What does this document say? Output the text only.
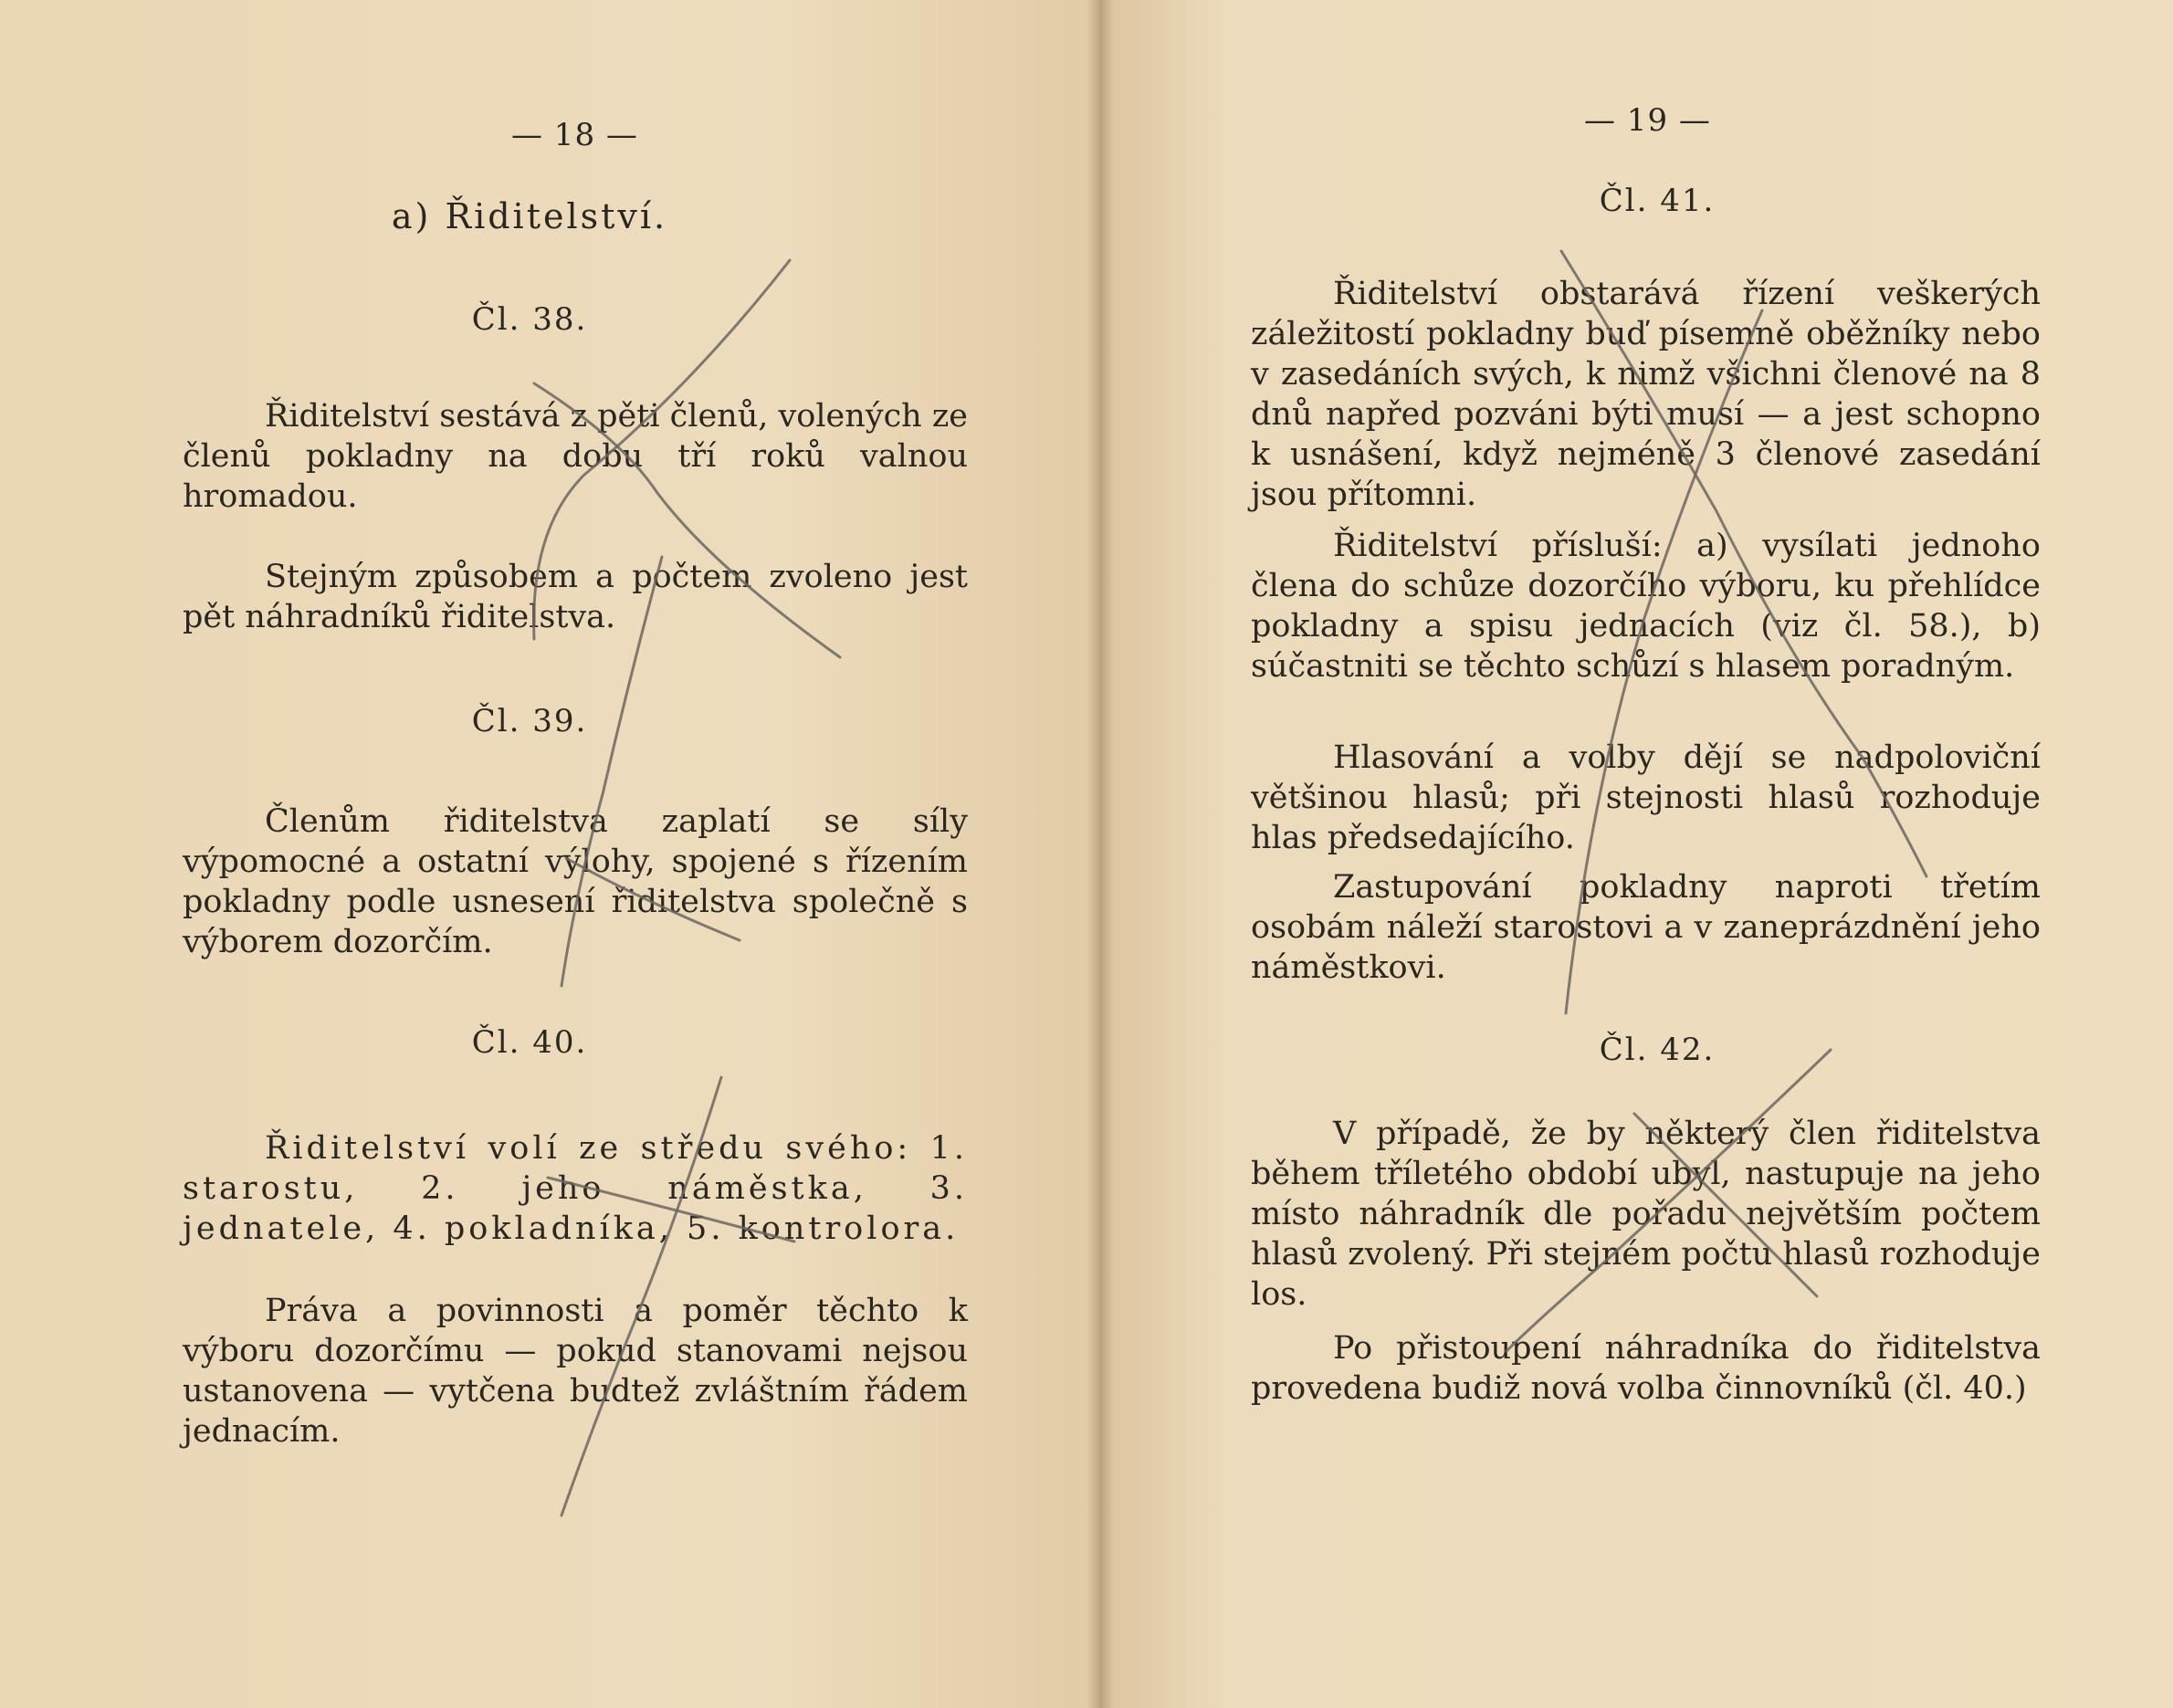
— 18 —
a) Řiditelství.
Čl. 38.

Řiditelství sestává z pěti členů, volených ze členů pokladny na dobu tří roků valnou hromadou.

Stejným způsobem a počtem zvoleno jest pět náhradníků řiditelstva.

Čl. 39.

Členům řiditelstva zaplatí se síly výpomocné a ostatní výlohy, spojené s řízením pokladny podle usnesení řiditelstva společně s výborem dozorčím.

Čl. 40.

Řiditelství volí ze středu svého: 1. starostu, 2. jeho náměstka, 3. jednatele, 4. pokladníka, 5. kontrolora.

Práva a povinnosti a poměr těchto k výboru dozorčímu — pokud stanovami nejsou ustanovena — vytčena budtež zvláštním řádem jednacím.

— 19 —
Čl. 41.

Řiditelství obstarává řízení veškerých záležitostí pokladny buď písemně oběžníky nebo v zasedáních svých, k nimž všichni členové na 8 dnů napřed pozváni býti musí — a jest schopno k usnášení, když nejméně 3 členové zasedání jsou přítomni.

Řiditelství přísluší: a) vysílati jednoho člena do schůze dozorčího výboru, ku přehlídce pokladny a spisu jednacích (viz čl. 58.), b) súčastniti se těchto schůzí s hlasem poradným.

Hlasování a volby dějí se nadpoloviční většinou hlasů; při stejnosti hlasů rozhoduje hlas předsedajícího.

Zastupování pokladny naproti třetím osobám náleží starostovi a v zaneprázdnění jeho náměstkovi.

Čl. 42.

V případě, že by některý člen řiditelstva během tříletého období ubyl, nastupuje na jeho místo náhradník dle pořadu největším počtem hlasů zvolený. Při stejném počtu hlasů rozhoduje los.

Po přistoupení náhradníka do řiditelstva provedena budiž nová volba činnovníků (čl. 40.)
